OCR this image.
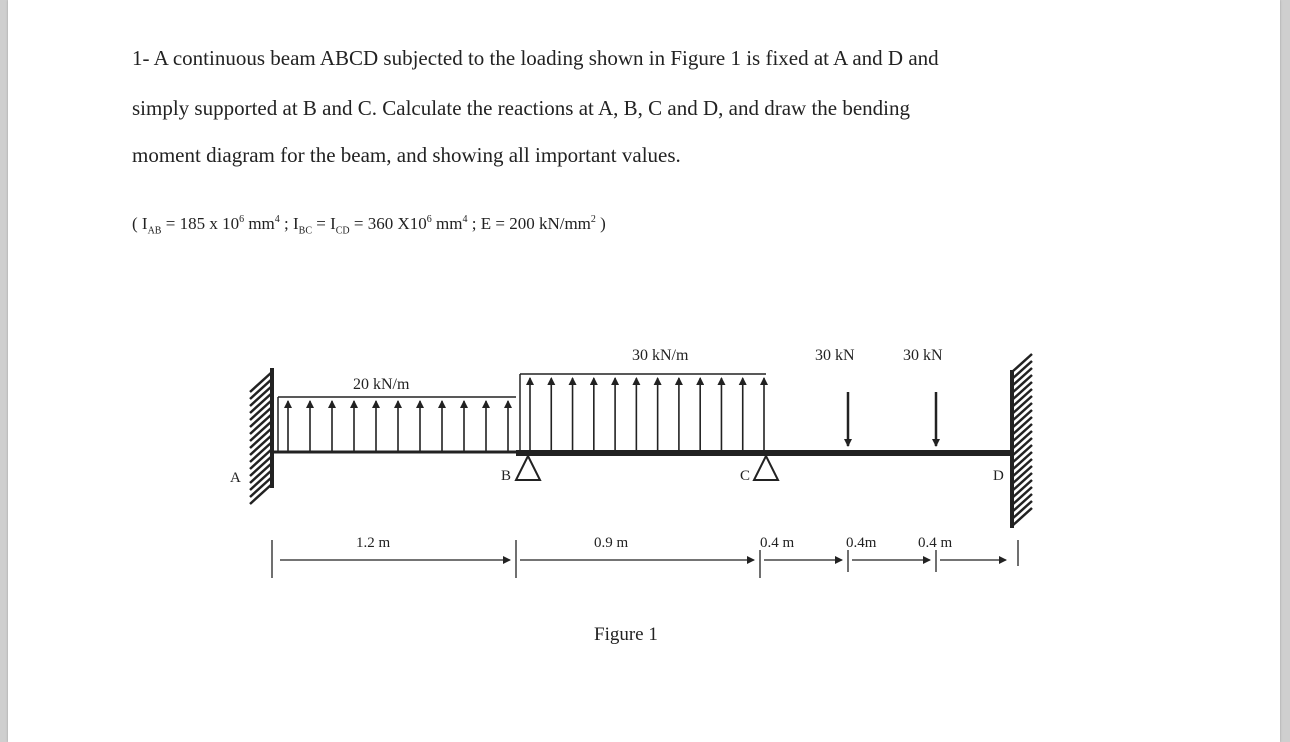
1- A continuous beam ABCD subjected to the loading shown in Figure 1 is fixed at A and D and
simply supported at B and C. Calculate the reactions at A, B, C and D, and draw the bending
moment diagram for the beam, and showing all important values.
( $I_{AB} = 185$ x $10^6$ $mm^4$ ; $I_{BC} = I_{CD} = 360$ $X10^6$ $mm^4$ ; E = 200 $kN/mm^2$ )
A	B	C	D
20 kN/m
30 kN/m	30 kN	30 kN
1.2 m	0.9 m	0.4 m	0.4m	0.4 m
Figure 1
